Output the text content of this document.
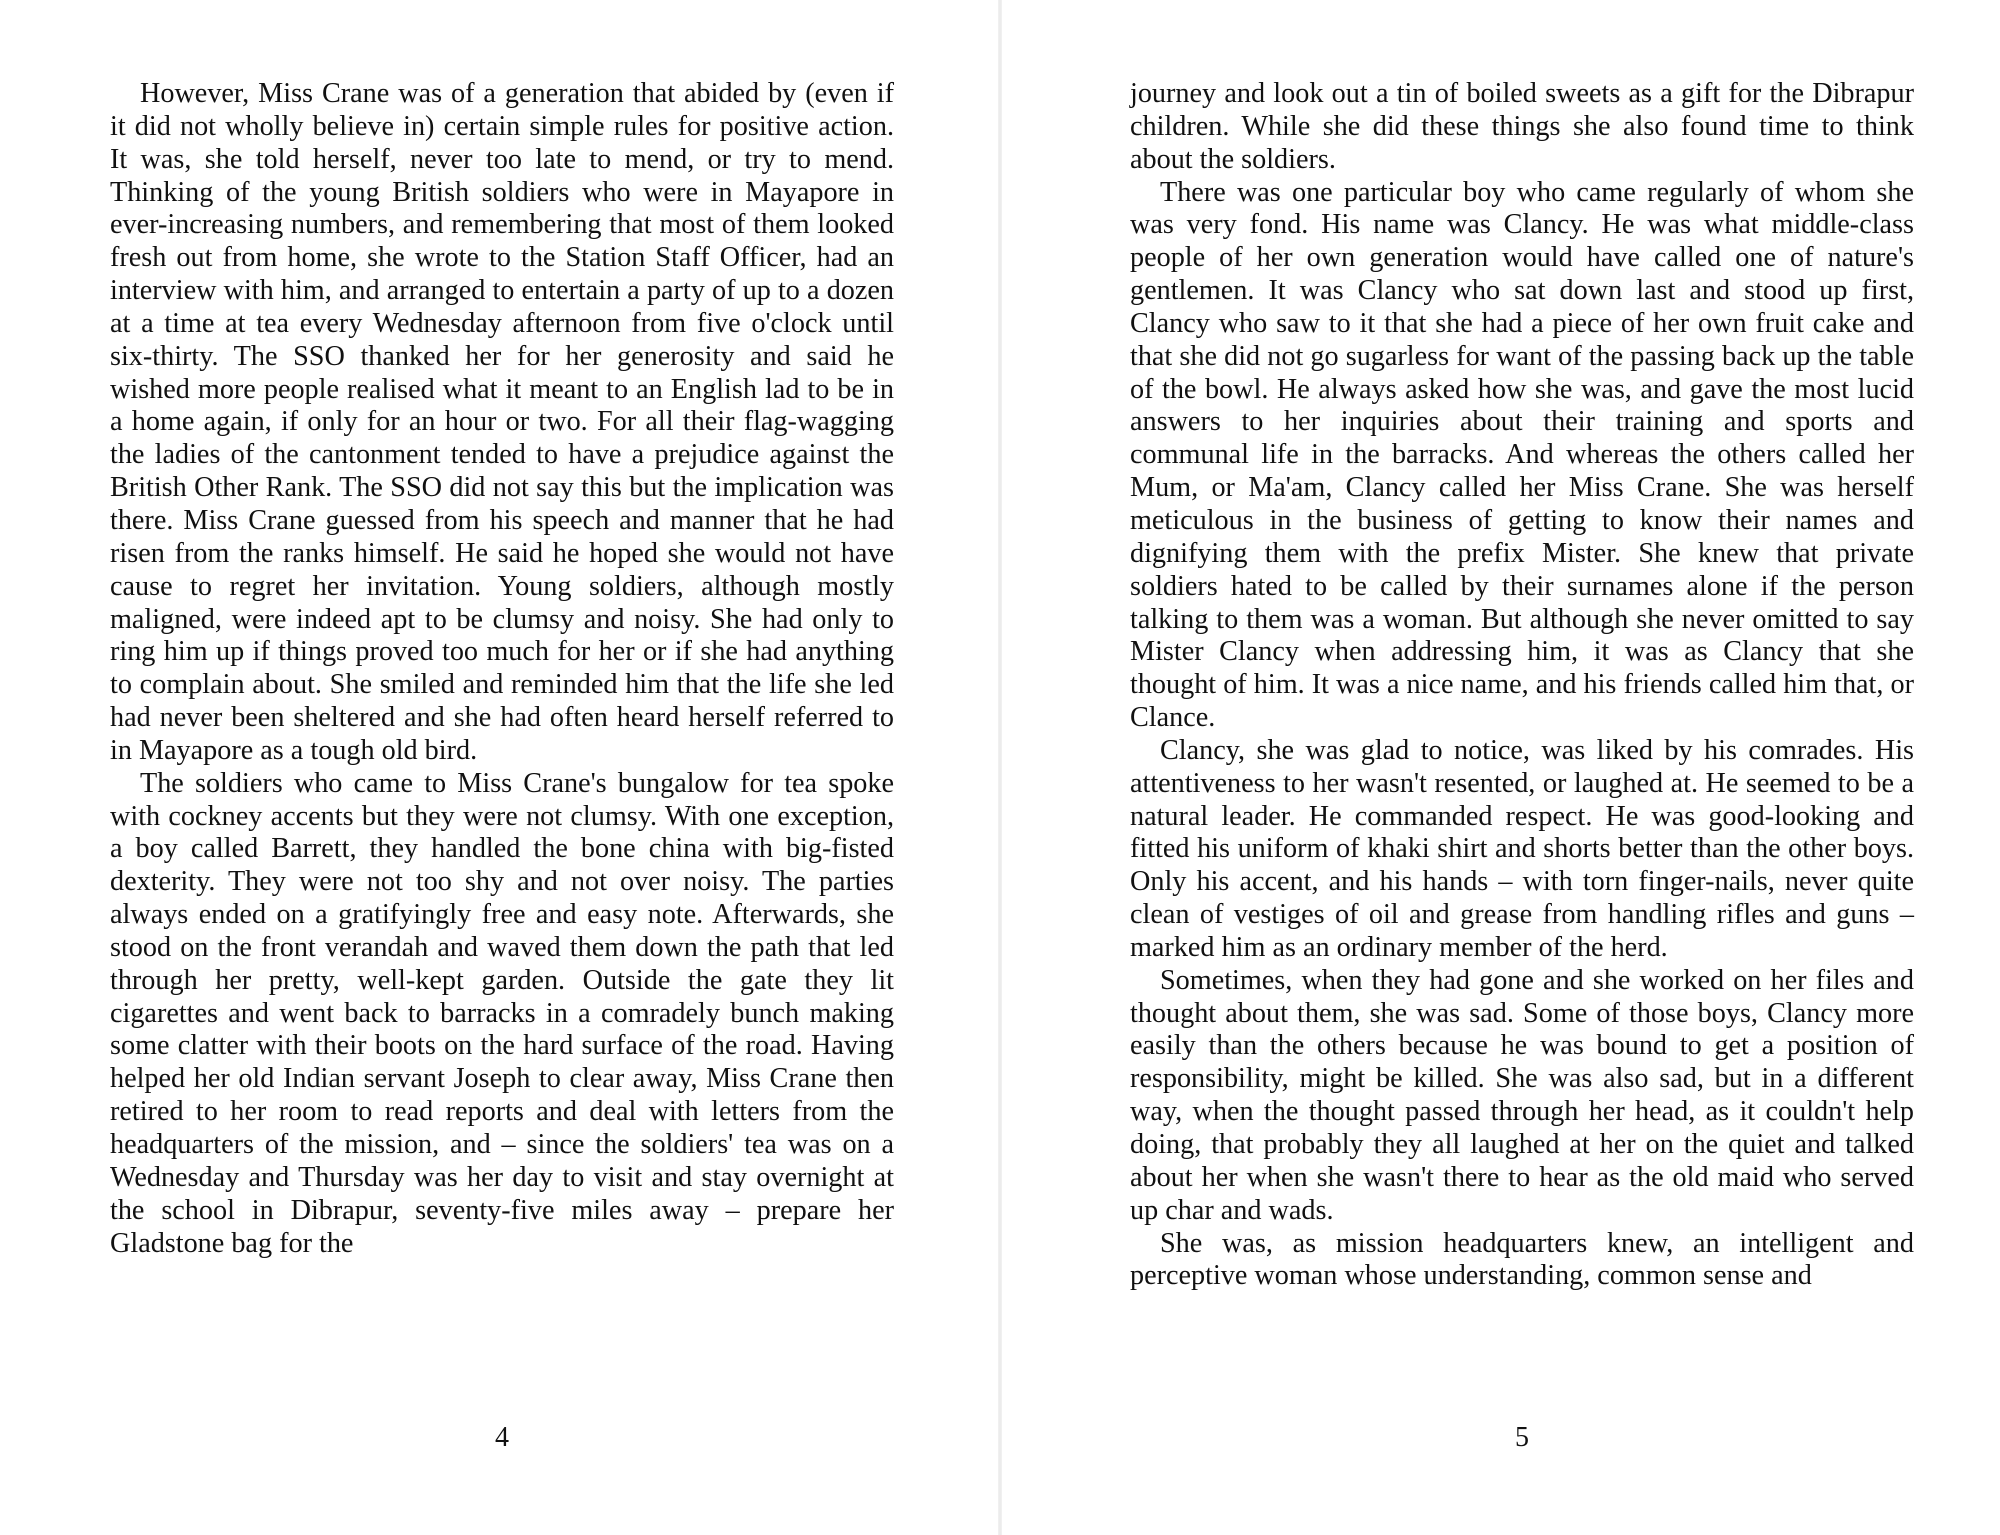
However, Miss Crane was of a generation that abided by (even if it did not wholly believe in) certain simple rules for positive action. It was, she told herself, never too late to mend, or try to mend. Thinking of the young British soldiers who were in Mayapore in ever-increasing numbers, and remembering that most of them looked fresh out from home, she wrote to the Station Staff Officer, had an interview with him, and arranged to entertain a party of up to a dozen at a time at tea every Wednesday afternoon from five o'clock until six-thirty. The SSO thanked her for her generosity and said he wished more people realised what it meant to an English lad to be in a home again, if only for an hour or two. For all their flag-wagging the ladies of the cantonment tended to have a prejudice against the British Other Rank. The SSO did not say this but the implication was there. Miss Crane guessed from his speech and manner that he had risen from the ranks himself. He said he hoped she would not have cause to regret her invitation. Young soldiers, although mostly maligned, were indeed apt to be clumsy and noisy. She had only to ring him up if things proved too much for her or if she had anything to complain about. She smiled and reminded him that the life she led had never been sheltered and she had often heard herself referred to in Mayapore as a tough old bird.

The soldiers who came to Miss Crane's bungalow for tea spoke with cockney accents but they were not clumsy. With one exception, a boy called Barrett, they handled the bone china with big-fisted dexterity. They were not too shy and not over noisy. The parties always ended on a gratifyingly free and easy note. Afterwards, she stood on the front verandah and waved them down the path that led through her pretty, well-kept garden. Outside the gate they lit cigarettes and went back to barracks in a comradely bunch making some clatter with their boots on the hard surface of the road. Having helped her old Indian servant Joseph to clear away, Miss Crane then retired to her room to read reports and deal with letters from the headquarters of the mission, and – since the soldiers' tea was on a Wednesday and Thursday was her day to visit and stay overnight at the school in Dibrapur, seventy-five miles away – prepare her Gladstone bag for the

4

journey and look out a tin of boiled sweets as a gift for the Dibrapur children. While she did these things she also found time to think about the soldiers.

There was one particular boy who came regularly of whom she was very fond. His name was Clancy. He was what middle-class people of her own generation would have called one of nature's gentlemen. It was Clancy who sat down last and stood up first, Clancy who saw to it that she had a piece of her own fruit cake and that she did not go sugarless for want of the passing back up the table of the bowl. He always asked how she was, and gave the most lucid answers to her inquiries about their training and sports and communal life in the barracks. And whereas the others called her Mum, or Ma'am, Clancy called her Miss Crane. She was herself meticulous in the business of getting to know their names and dignifying them with the prefix Mister. She knew that private soldiers hated to be called by their surnames alone if the person talking to them was a woman. But although she never omitted to say Mister Clancy when addressing him, it was as Clancy that she thought of him. It was a nice name, and his friends called him that, or Clance.

Clancy, she was glad to notice, was liked by his comrades. His attentiveness to her wasn't resented, or laughed at. He seemed to be a natural leader. He commanded respect. He was good-looking and fitted his uniform of khaki shirt and shorts better than the other boys. Only his accent, and his hands – with torn finger-nails, never quite clean of vestiges of oil and grease from handling rifles and guns – marked him as an ordinary member of the herd.

Sometimes, when they had gone and she worked on her files and thought about them, she was sad. Some of those boys, Clancy more easily than the others because he was bound to get a position of responsibility, might be killed. She was also sad, but in a different way, when the thought passed through her head, as it couldn't help doing, that probably they all laughed at her on the quiet and talked about her when she wasn't there to hear as the old maid who served up char and wads.

She was, as mission headquarters knew, an intelligent and perceptive woman whose understanding, common sense and

5
